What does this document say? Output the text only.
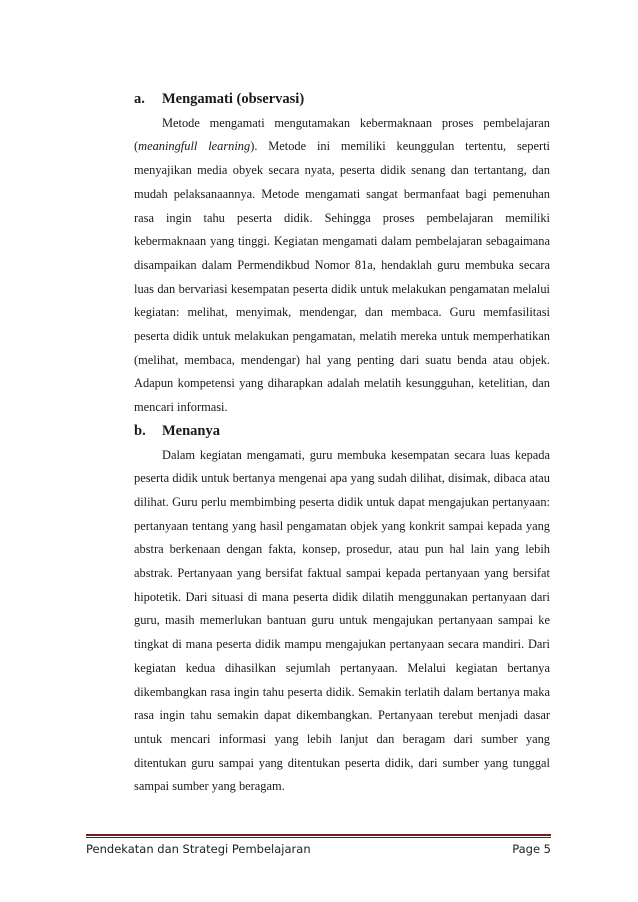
a. Mengamati (observasi)

Metode mengamati mengutamakan kebermaknaan proses pembelajaran (meaningfull learning). Metode ini memiliki keunggulan tertentu, seperti menyajikan media obyek secara nyata, peserta didik senang dan tertantang, dan mudah pelaksanaannya. Metode mengamati sangat bermanfaat bagi pemenuhan rasa ingin tahu peserta didik. Sehingga proses pembelajaran memiliki kebermaknaan yang tinggi. Kegiatan mengamati dalam pembelajaran sebagaimana disampaikan dalam Permendikbud Nomor 81a, hendaklah guru membuka secara luas dan bervariasi kesempatan peserta didik untuk melakukan pengamatan melalui kegiatan: melihat, menyimak, mendengar, dan membaca. Guru memfasilitasi peserta didik untuk melakukan pengamatan, melatih mereka untuk memperhatikan (melihat, membaca, mendengar) hal yang penting dari suatu benda atau objek. Adapun kompetensi yang diharapkan adalah melatih kesungguhan, ketelitian, dan mencari informasi.

b. Menanya

Dalam kegiatan mengamati, guru membuka kesempatan secara luas kepada peserta didik untuk bertanya mengenai apa yang sudah dilihat, disimak, dibaca atau dilihat. Guru perlu membimbing peserta didik untuk dapat mengajukan pertanyaan: pertanyaan tentang yang hasil pengamatan objek yang konkrit sampai kepada yang abstra berkenaan dengan fakta, konsep, prosedur, atau pun hal lain yang lebih abstrak. Pertanyaan yang bersifat faktual sampai kepada pertanyaan yang bersifat hipotetik. Dari situasi di mana peserta didik dilatih menggunakan pertanyaan dari guru, masih memerlukan bantuan guru untuk mengajukan pertanyaan sampai ke tingkat di mana peserta didik mampu mengajukan pertanyaan secara mandiri. Dari kegiatan kedua dihasilkan sejumlah pertanyaan. Melalui kegiatan bertanya dikembangkan rasa ingin tahu peserta didik. Semakin terlatih dalam bertanya maka rasa ingin tahu semakin dapat dikembangkan. Pertanyaan terebut menjadi dasar untuk mencari informasi yang lebih lanjut dan beragam dari sumber yang ditentukan guru sampai yang ditentukan peserta didik, dari sumber yang tunggal sampai sumber yang beragam.

Pendekatan dan Strategi Pembelajaran	Page 5
